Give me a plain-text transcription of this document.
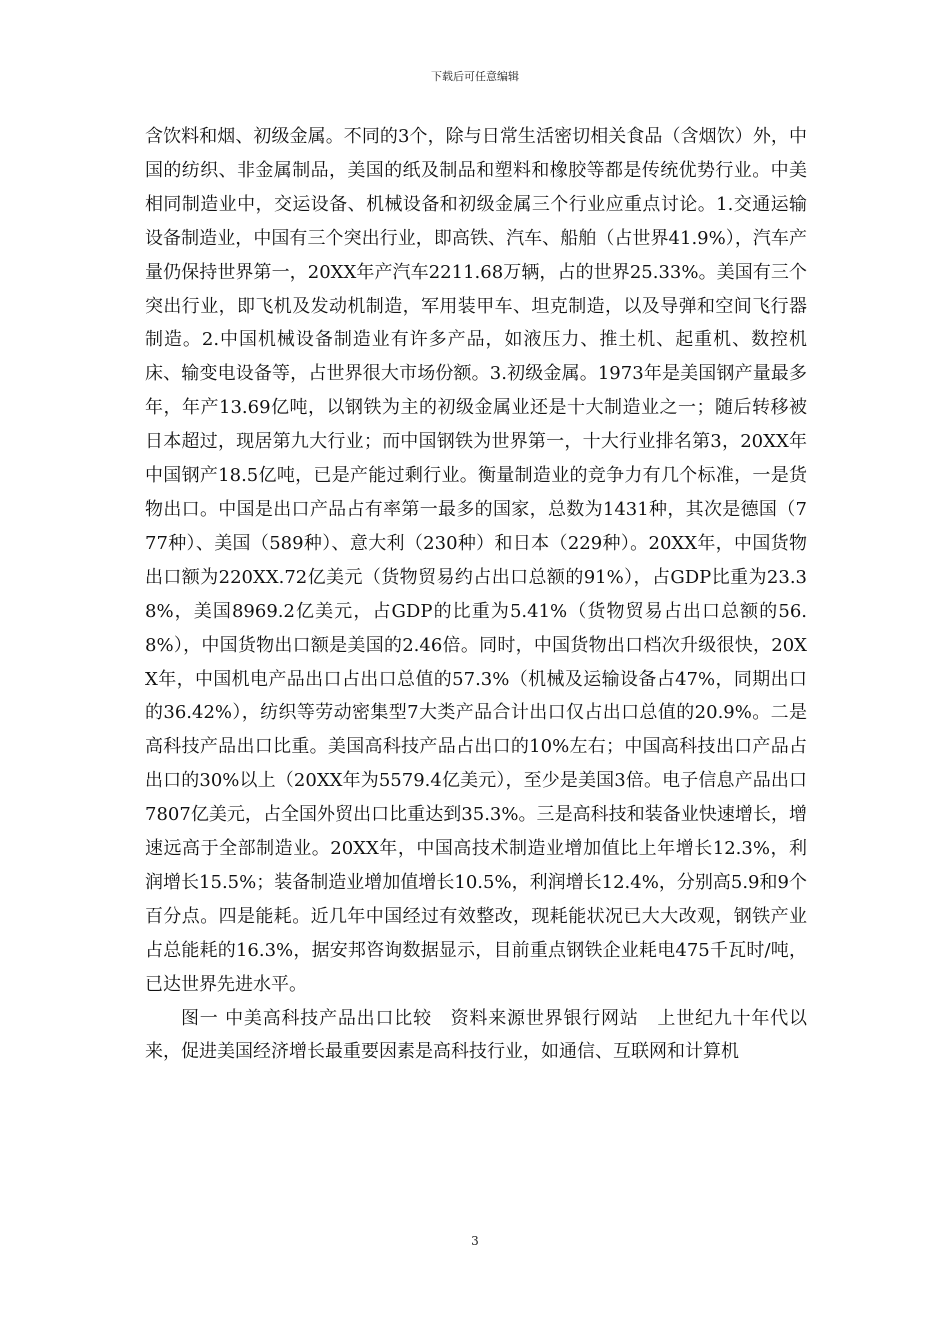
下载后可任意编辑

含饮料和烟、初级金属。不同的3个，除与日常生活密切相关食品（含烟饮）外，中国的纺织、非金属制品，美国的纸及制品和塑料和橡胶等都是传统优势行业。中美相同制造业中，交运设备、机械设备和初级金属三个行业应重点讨论。1.交通运输设备制造业，中国有三个突出行业，即高铁、汽车、船舶（占世界41.9%），汽车产量仍保持世界第一，20XX年产汽车2211.68万辆，占的世界25.33%。美国有三个突出行业，即飞机及发动机制造，军用装甲车、坦克制造，以及导弹和空间飞行器制造。2.中国机械设备制造业有许多产品，如液压力、推土机、起重机、数控机床、输变电设备等，占世界很大市场份额。3.初级金属。1973年是美国钢产量最多年，年产13.69亿吨，以钢铁为主的初级金属业还是十大制造业之一；随后转移被日本超过，现居第九大行业；而中国钢铁为世界第一，十大行业排名第3，20XX年中国钢产18.5亿吨，已是产能过剩行业。衡量制造业的竞争力有几个标准，一是货物出口。中国是出口产品占有率第一最多的国家，总数为1431种，其次是德国（777种）、美国（589种）、意大利（230种）和日本（229种）。20XX年，中国货物出口额为220XX.72亿美元（货物贸易约占出口总额的91%），占GDP比重为23.38%，美国8969.2亿美元，占GDP的比重为5.41%（货物贸易占出口总额的56.8%），中国货物出口额是美国的2.46倍。同时，中国货物出口档次升级很快，20XX年，中国机电产品出口占出口总值的57.3%（机械及运输设备占47%，同期出口的36.42%），纺织等劳动密集型7大类产品合计出口仅占出口总值的20.9%。二是高科技产品出口比重。美国高科技产品占出口的10%左右；中国高科技出口产品占出口的30%以上（20XX年为5579.4亿美元），至少是美国3倍。电子信息产品出口7807亿美元，占全国外贸出口比重达到35.3%。三是高科技和装备业快速增长，增速远高于全部制造业。20XX年，中国高技术制造业增加值比上年增长12.3%，利润增长15.5%；装备制造业增加值增长10.5%，利润增长12.4%，分别高5.9和9个百分点。四是能耗。近几年中国经过有效整改，现耗能状况已大大改观，钢铁产业占总能耗的16.3%，据安邦咨询数据显示，目前重点钢铁企业耗电475千瓦时/吨，已达世界先进水平。

图一 中美高科技产品出口比较　资料来源世界银行网站　上世纪九十年代以来，促进美国经济增长最重要因素是高科技行业，如通信、互联网和计算机

3
